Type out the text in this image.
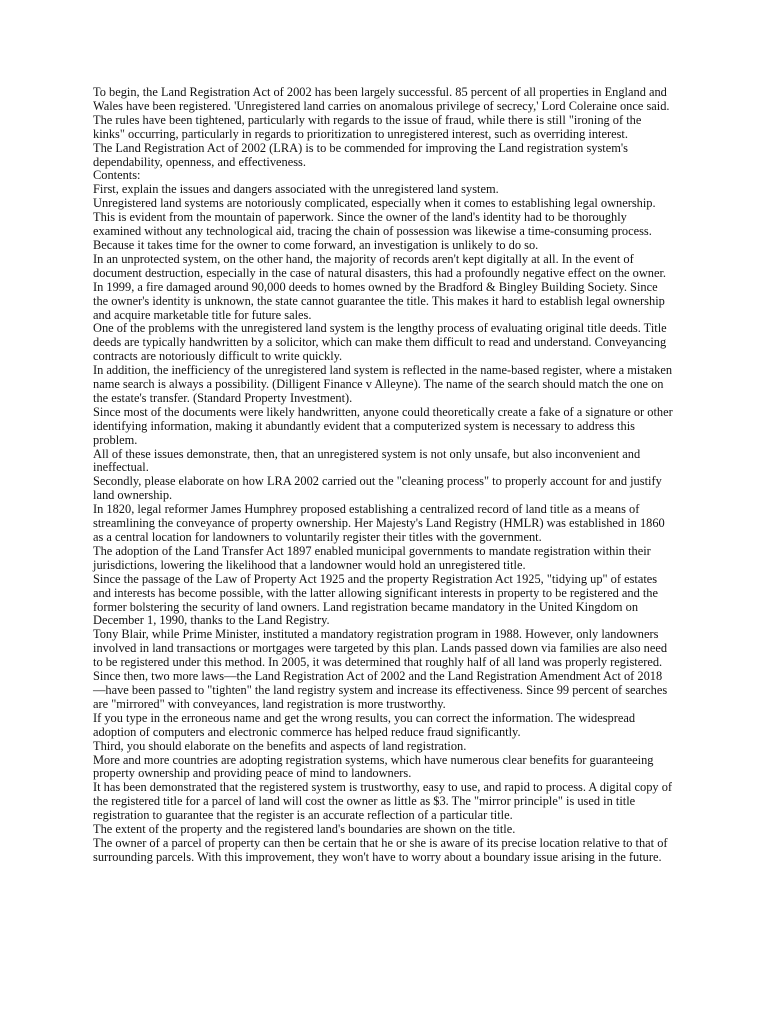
To begin, the Land Registration Act of 2002 has been largely successful. 85 percent of all properties in England and Wales have been registered. 'Unregistered land carries on anomalous privilege of secrecy,' Lord Coleraine once said.

The rules have been tightened, particularly with regards to the issue of fraud, while there is still "ironing of the kinks" occurring, particularly in regards to prioritization to unregistered interest, such as overriding interest.

The Land Registration Act of 2002 (LRA) is to be commended for improving the Land registration system's dependability, openness, and effectiveness.

Contents:

First, explain the issues and dangers associated with the unregistered land system.

Unregistered land systems are notoriously complicated, especially when it comes to establishing legal ownership. This is evident from the mountain of paperwork. Since the owner of the land's identity had to be thoroughly examined without any technological aid, tracing the chain of possession was likewise a time-consuming process. Because it takes time for the owner to come forward, an investigation is unlikely to do so.

In an unprotected system, on the other hand, the majority of records aren't kept digitally at all. In the event of document destruction, especially in the case of natural disasters, this had a profoundly negative effect on the owner. In 1999, a fire damaged around 90,000 deeds to homes owned by the Bradford & Bingley Building Society. Since the owner's identity is unknown, the state cannot guarantee the title. This makes it hard to establish legal ownership and acquire marketable title for future sales.

One of the problems with the unregistered land system is the lengthy process of evaluating original title deeds. Title deeds are typically handwritten by a solicitor, which can make them difficult to read and understand. Conveyancing contracts are notoriously difficult to write quickly.

In addition, the inefficiency of the unregistered land system is reflected in the name-based register, where a mistaken name search is always a possibility. (Dilligent Finance v Alleyne). The name of the search should match the one on the estate's transfer. (Standard Property Investment).

Since most of the documents were likely handwritten, anyone could theoretically create a fake of a signature or other identifying information, making it abundantly evident that a computerized system is necessary to address this problem.

All of these issues demonstrate, then, that an unregistered system is not only unsafe, but also inconvenient and ineffectual.

Secondly, please elaborate on how LRA 2002 carried out the "cleaning process" to properly account for and justify land ownership.

In 1820, legal reformer James Humphrey proposed establishing a centralized record of land title as a means of streamlining the conveyance of property ownership. Her Majesty's Land Registry (HMLR) was established in 1860 as a central location for landowners to voluntarily register their titles with the government.

The adoption of the Land Transfer Act 1897 enabled municipal governments to mandate registration within their jurisdictions, lowering the likelihood that a landowner would hold an unregistered title.

Since the passage of the Law of Property Act 1925 and the property Registration Act 1925, "tidying up" of estates and interests has become possible, with the latter allowing significant interests in property to be registered and the former bolstering the security of land owners. Land registration became mandatory in the United Kingdom on December 1, 1990, thanks to the Land Registry.

Tony Blair, while Prime Minister, instituted a mandatory registration program in 1988. However, only landowners involved in land transactions or mortgages were targeted by this plan. Lands passed down via families are also need to be registered under this method. In 2005, it was determined that roughly half of all land was properly registered. Since then, two more laws—the Land Registration Act of 2002 and the Land Registration Amendment Act of 2018—have been passed to "tighten" the land registry system and increase its effectiveness. Since 99 percent of searches are "mirrored" with conveyances, land registration is more trustworthy.

If you type in the erroneous name and get the wrong results, you can correct the information. The widespread adoption of computers and electronic commerce has helped reduce fraud significantly.

Third, you should elaborate on the benefits and aspects of land registration.

More and more countries are adopting registration systems, which have numerous clear benefits for guaranteeing property ownership and providing peace of mind to landowners.

It has been demonstrated that the registered system is trustworthy, easy to use, and rapid to process. A digital copy of the registered title for a parcel of land will cost the owner as little as $3. The "mirror principle" is used in title registration to guarantee that the register is an accurate reflection of a particular title.

The extent of the property and the registered land's boundaries are shown on the title.

The owner of a parcel of property can then be certain that he or she is aware of its precise location relative to that of surrounding parcels. With this improvement, they won't have to worry about a boundary issue arising in the future.
